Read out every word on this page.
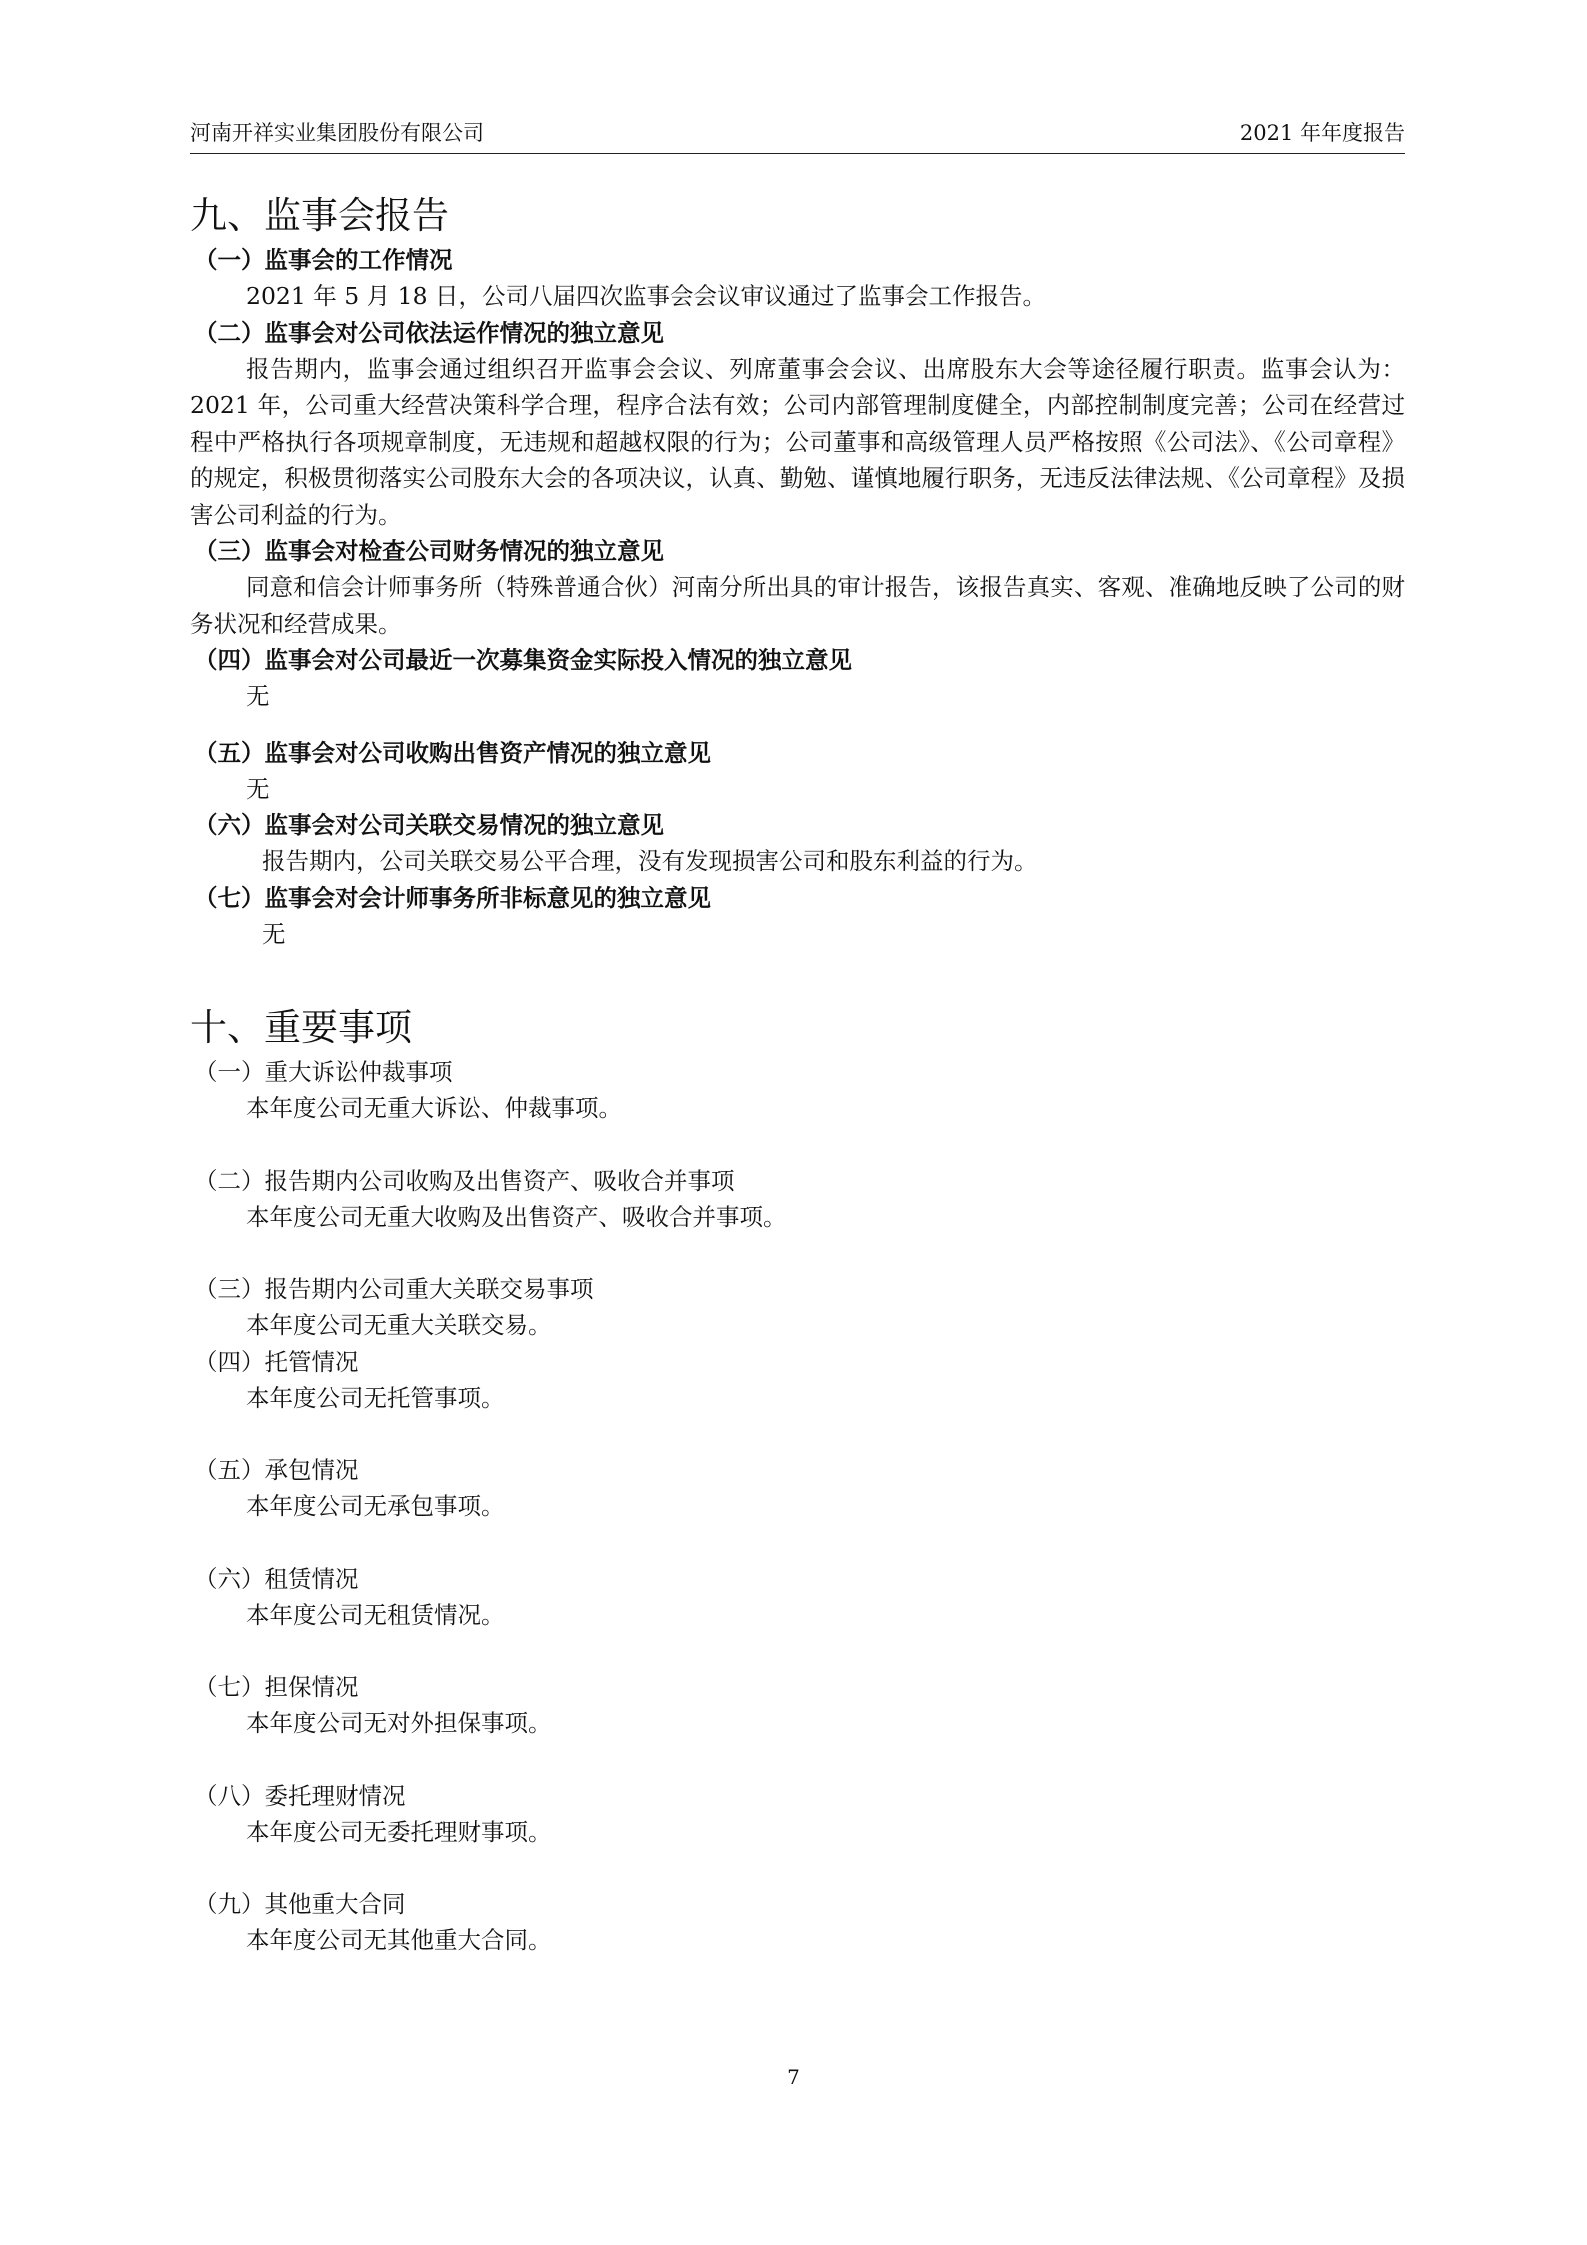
河南开祥实业集团股份有限公司	2021 年年度报告
九、监事会报告

（一）监事会的工作情况

2021 年 5 月 18 日，公司八届四次监事会会议审议通过了监事会工作报告。

（二）监事会对公司依法运作情况的独立意见

报告期内，监事会通过组织召开监事会会议、列席董事会会议、出席股东大会等途径履行职责。监事会认为：2021 年，公司重大经营决策科学合理，程序合法有效；公司内部管理制度健全，内部控制制度完善；公司在经营过程中严格执行各项规章制度，无违规和超越权限的行为；公司董事和高级管理人员严格按照《公司法》、《公司章程》的规定，积极贯彻落实公司股东大会的各项决议，认真、勤勉、谨慎地履行职务，无违反法律法规、《公司章程》及损害公司利益的行为。

（三）监事会对检查公司财务情况的独立意见

同意和信会计师事务所（特殊普通合伙）河南分所出具的审计报告，该报告真实、客观、准确地反映了公司的财务状况和经营成果。

（四）监事会对公司最近一次募集资金实际投入情况的独立意见

无

（五）监事会对公司收购出售资产情况的独立意见

无

（六）监事会对公司关联交易情况的独立意见

报告期内，公司关联交易公平合理，没有发现损害公司和股东利益的行为。

（七）监事会对会计师事务所非标意见的独立意见

无

十、重要事项

（一）重大诉讼仲裁事项

本年度公司无重大诉讼、仲裁事项。

（二）报告期内公司收购及出售资产、吸收合并事项

本年度公司无重大收购及出售资产、吸收合并事项。

（三）报告期内公司重大关联交易事项

本年度公司无重大关联交易。

（四）托管情况

本年度公司无托管事项。

（五）承包情况

本年度公司无承包事项。

（六）租赁情况

本年度公司无租赁情况。

（七）担保情况

本年度公司无对外担保事项。

（八）委托理财情况

本年度公司无委托理财事项。

（九）其他重大合同

本年度公司无其他重大合同。

7
